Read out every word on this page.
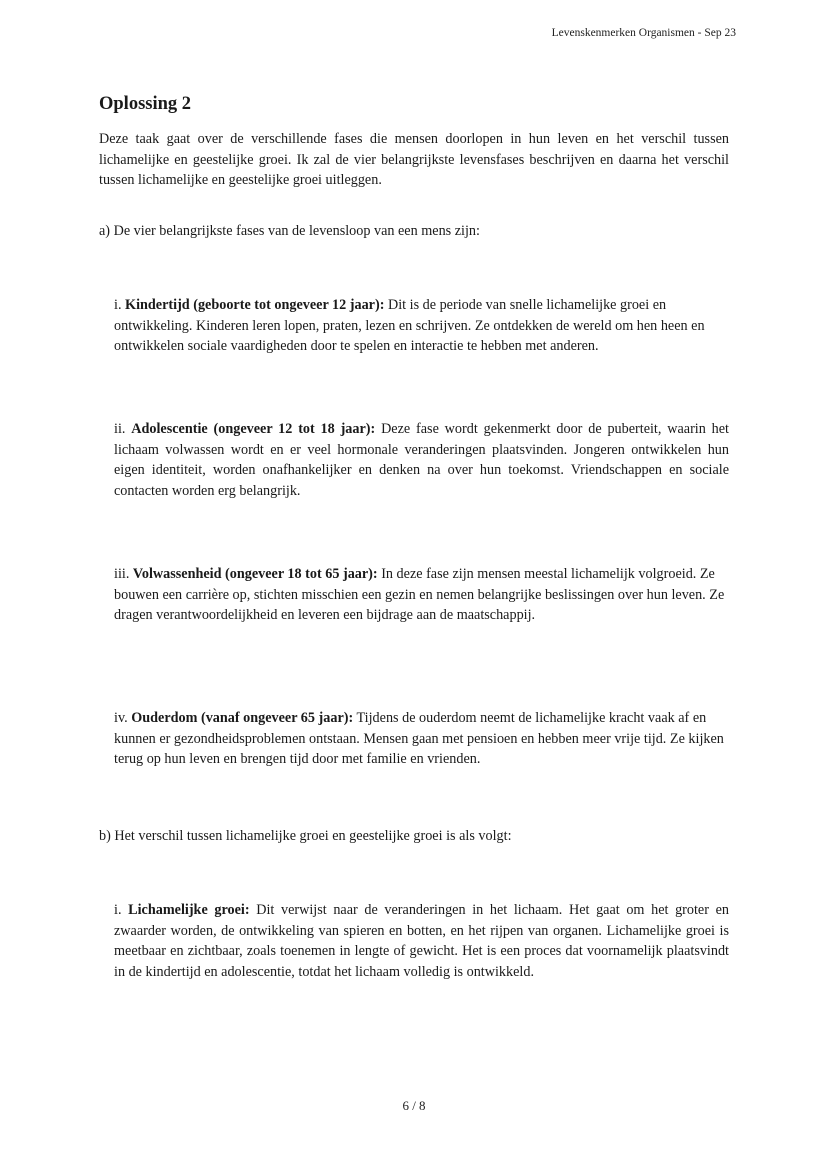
Levenskenmerken Organismen - Sep 23
Oplossing 2

Deze taak gaat over de verschillende fases die mensen doorlopen in hun leven en het verschil tussen lichamelijke en geestelijke groei. Ik zal de vier belangrijkste levensfases beschrijven en daarna het verschil tussen lichamelijke en geestelijke groei uitleggen.

a) De vier belangrijkste fases van de levensloop van een mens zijn:

i. Kindertijd (geboorte tot ongeveer 12 jaar): Dit is de periode van snelle lichamelijke groei en ontwikkeling. Kinderen leren lopen, praten, lezen en schrijven. Ze ontdekken de wereld om hen heen en ontwikkelen sociale vaardigheden door te spelen en interactie te hebben met anderen.

ii. Adolescentie (ongeveer 12 tot 18 jaar): Deze fase wordt gekenmerkt door de puberteit, waarin het lichaam volwassen wordt en er veel hormonale veranderingen plaatsvinden. Jongeren ontwikkelen hun eigen identiteit, worden onafhankelijker en denken na over hun toekomst. Vriendschappen en sociale contacten worden erg belangrijk.

iii. Volwassenheid (ongeveer 18 tot 65 jaar): In deze fase zijn mensen meestal lichamelijk volgroeid. Ze bouwen een carrière op, stichten misschien een gezin en nemen belangrijke beslissingen over hun leven. Ze dragen verantwoordelijkheid en leveren een bijdrage aan de maatschappij.

iv. Ouderdom (vanaf ongeveer 65 jaar): Tijdens de ouderdom neemt de lichamelijke kracht vaak af en kunnen er gezondheidsproblemen ontstaan. Mensen gaan met pensioen en hebben meer vrije tijd. Ze kijken terug op hun leven en brengen tijd door met familie en vrienden.

b) Het verschil tussen lichamelijke groei en geestelijke groei is als volgt:

i. Lichamelijke groei: Dit verwijst naar de veranderingen in het lichaam. Het gaat om het groter en zwaarder worden, de ontwikkeling van spieren en botten, en het rijpen van organen. Lichamelijke groei is meetbaar en zichtbaar, zoals toenemen in lengte of gewicht. Het is een proces dat voornamelijk plaatsvindt in de kindertijd en adolescentie, totdat het lichaam volledig is ontwikkeld.

6 / 8
